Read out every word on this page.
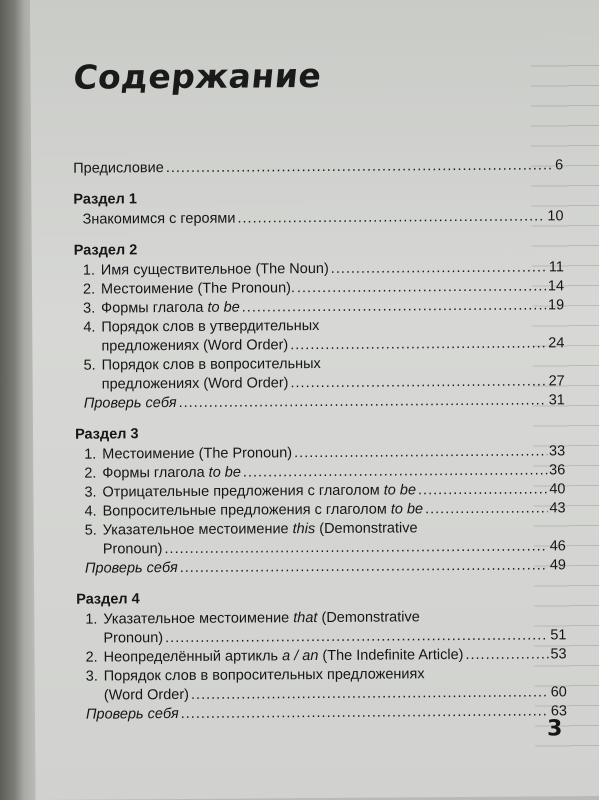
Содержание
Предисловие .....	6
Раздел 1
Знакомимся с героями .....	10
Раздел 2
1. Имя существительное (The Noun) .....	11
2. Местоимение (The Pronoun). .....	14
3. Формы глагола to be .....	19
4. Порядок слов в утвердительных
предложениях (Word Order) .....	24
5. Порядок слов в вопросительных
предложениях (Word Order) .....	27
Проверь себя .....	31
Раздел 3
1. Местоимение (The Pronoun) .....	33
2. Формы глагола to be .....	36
3. Отрицательные предложения с глаголом to be .....	40
4. Вопросительные предложения с глаголом to be .....	43
5. Указательное местоимение this (Demonstrative
Pronoun) .....	46
Проверь себя .....	49
Раздел 4
1. Указательное местоимение that (Demonstrative
Pronoun) .....	51
2. Неопределённый артикль a / an (The Indefinite Article) .....	53
3. Порядок слов в вопросительных предложениях
(Word Order) .....	60
Проверь себя .....	63
3
